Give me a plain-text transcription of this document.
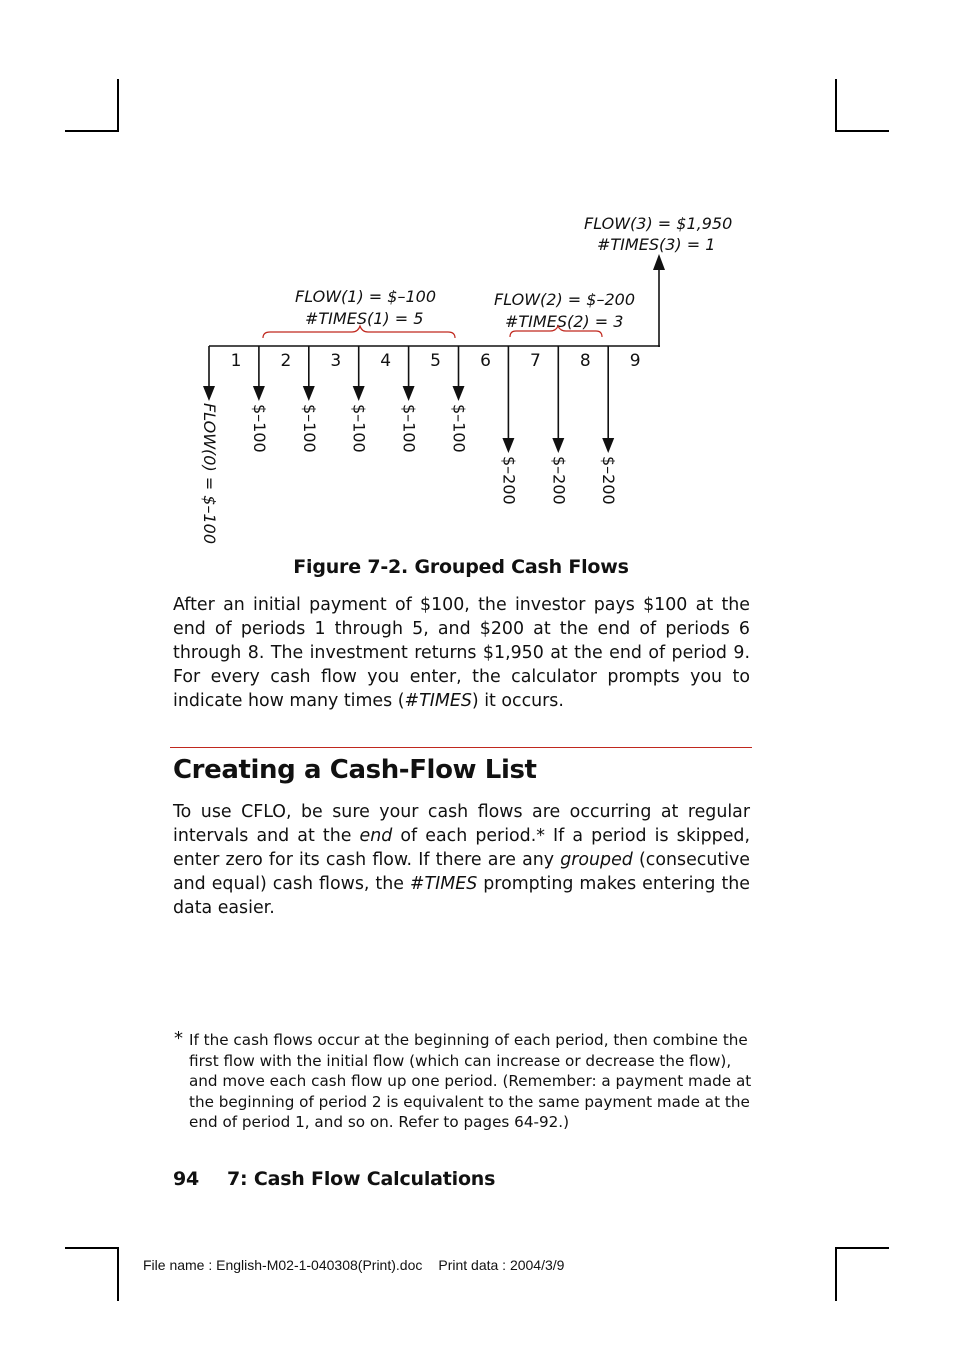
FLOW(3) = $1,950
#TIMES(3) = 1
FLOW(1) = $–100
#TIMES(1) = 5
FLOW(2) = $–200
#TIMES(2) = 3
FLOW(0) = $–100
1 2 3 4 5 6 7 8 9
$–100 $–100 $–100 $–100 $–100
$–200 $–200 $–200
Figure 7-2. Grouped Cash Flows

After an initial payment of $100, the investor pays $100 at the end of periods 1 through 5, and $200 at the end of periods 6 through 8. The investment returns $1,950 at the end of period 9. For every cash flow you enter, the calculator prompts you to indicate how many times (#TIMES) it occurs.

Creating a Cash-Flow List

To use CFLO, be sure your cash flows are occurring at regular intervals and at the end of each period.* If a period is skipped, enter zero for its cash flow. If there are any grouped (consecutive and equal) cash flows, the #TIMES prompting makes entering the data easier.

* If the cash flows occur at the beginning of each period, then combine the first flow with the initial flow (which can increase or decrease the flow), and move each cash flow up one period. (Remember: a payment made at the beginning of period 2 is equivalent to the same payment made at the end of period 1, and so on. Refer to pages 64-92.)

94 7: Cash Flow Calculations
File name : English-M02-1-040308(Print).doc Print data : 2004/3/9
